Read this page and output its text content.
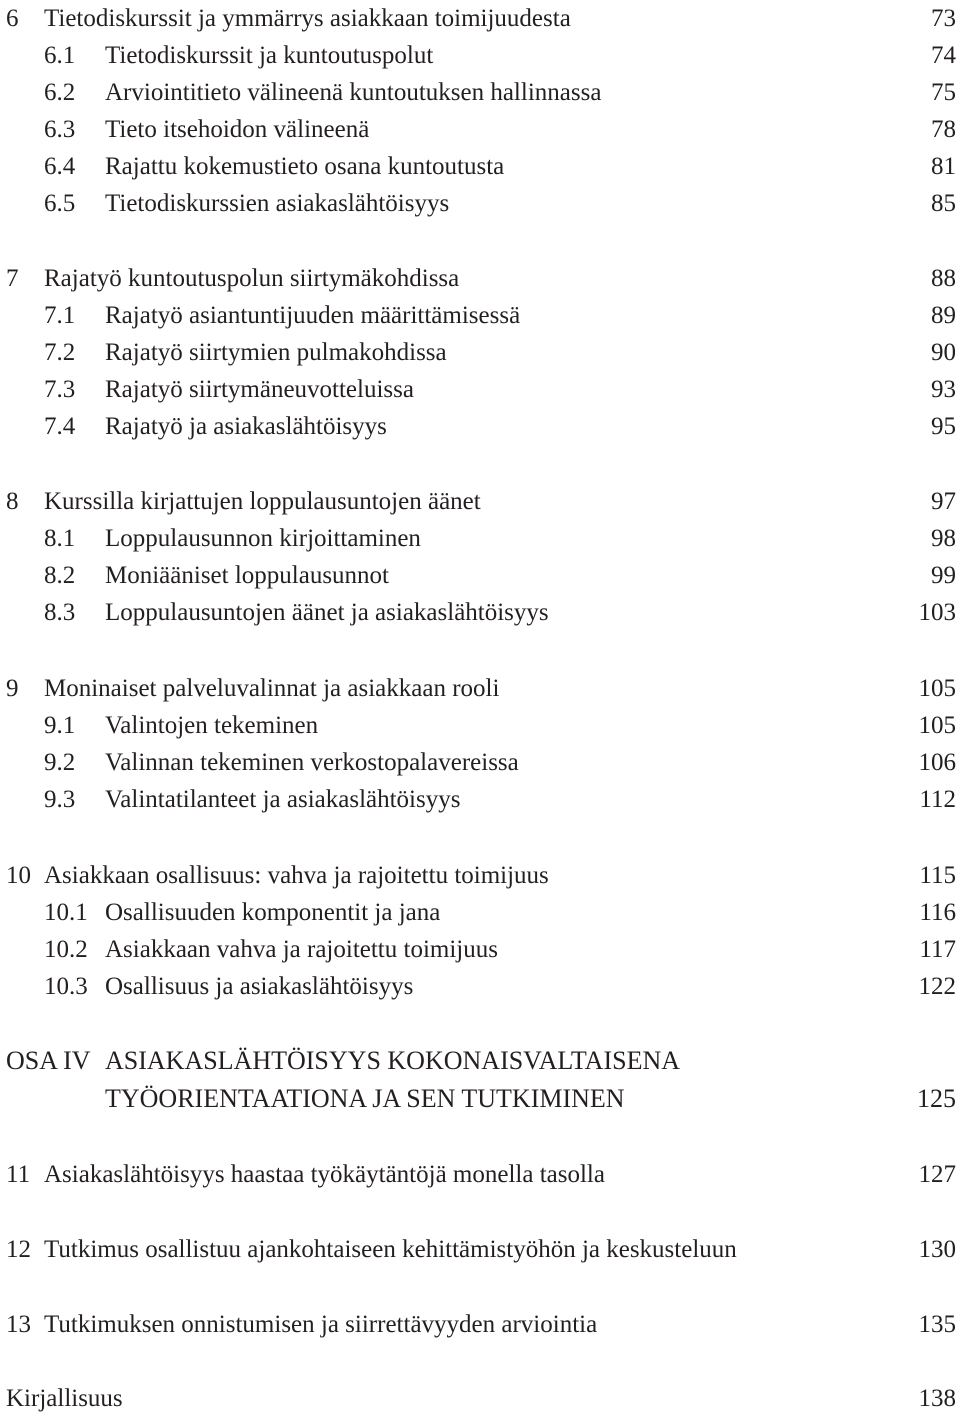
6 Tietodiskurssit ja ymmärrys asiakkaan toimijuudesta	73
6.1 Tietodiskurssit ja kuntoutuspolut	74
6.2 Arviointitieto välineenä kuntoutuksen hallinnassa	75
6.3 Tieto itsehoidon välineenä	78
6.4 Rajattu kokemustieto osana kuntoutusta	81
6.5 Tietodiskurssien asiakaslähtöisyys	85
7 Rajatyö kuntoutuspolun siirtymäkohdissa	88
7.1 Rajatyö asiantuntijuuden määrittämisessä	89
7.2 Rajatyö siirtymien pulmakohdissa	90
7.3 Rajatyö siirtymäneuvotteluissa	93
7.4 Rajatyö ja asiakaslähtöisyys	95
8 Kurssilla kirjattujen loppulausuntojen äänet	97
8.1 Loppulausunnon kirjoittaminen	98
8.2 Moniääniset loppulausunnot	99
8.3 Loppulausuntojen äänet ja asiakaslähtöisyys	103
9 Moninaiset palveluvalinnat ja asiakkaan rooli	105
9.1 Valintojen tekeminen	105
9.2 Valinnan tekeminen verkostopalavereissa	106
9.3 Valintatilanteet ja asiakaslähtöisyys	112
10 Asiakkaan osallisuus: vahva ja rajoitettu toimijuus	115
10.1 Osallisuuden komponentit ja jana	116
10.2 Asiakkaan vahva ja rajoitettu toimijuus	117
10.3 Osallisuus ja asiakaslähtöisyys	122
OSA IV ASIAKASLÄHTÖISYYS KOKONAISVALTAISENA
TYÖORIENTAATIONA JA SEN TUTKIMINEN	125
11 Asiakaslähtöisyys haastaa työkäytäntöjä monella tasolla	127
12 Tutkimus osallistuu ajankohtaiseen kehittämistyöhön ja keskusteluun	130
13 Tutkimuksen onnistumisen ja siirrettävyyden arviointia	135
Kirjallisuus	138
